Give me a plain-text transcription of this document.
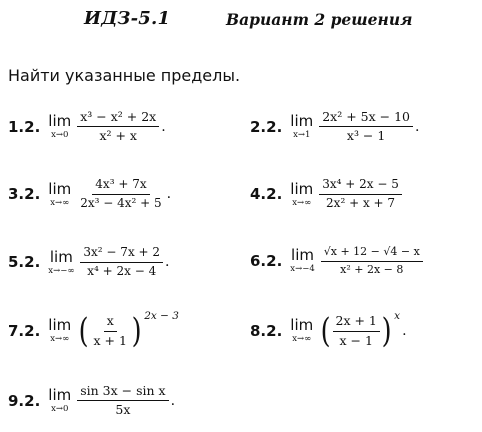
ИДЗ-5.1	Вариант 2 решения
Найти указанные пределы.
1.2. lim
$x\to 0 \frac{\text{x³ − x² + 2x}}{\text{x² + x}}$ .	2.2. lim
$x\to 1 \frac{\text{2x² + 5x − 10}}{\text{x³ − 1}}$ .
3.2. lim
$x\to\infty \frac{\text{4x³ + 7x}}{\text{2x³ − 4x² + 5}}$ .	4.2. lim
$x\to\infty \frac{\text{3x⁴ + 2x − 5}}{\text{2x² + x + 7}}$
5.2. lim
$x\to-\infty \frac{\text{3x² − 7x + 2}}{\text{x⁴ + 2x − 4}}$ .	6.2. lim
$x\to-4 \frac{√x + 12 - √4 - x}{\text{x² + 2x − 8}}$
7.2. lim
x→∞ ( $\frac{x}{x + 1}$ ) 2x − 3
8.2. lim
x→∞ ( $\frac{2x + 1}{x - 1}$ ) x
.
9.2. lim
$x\to 0 \frac{\text{sin 3x − sin x}}{5x}$ .
